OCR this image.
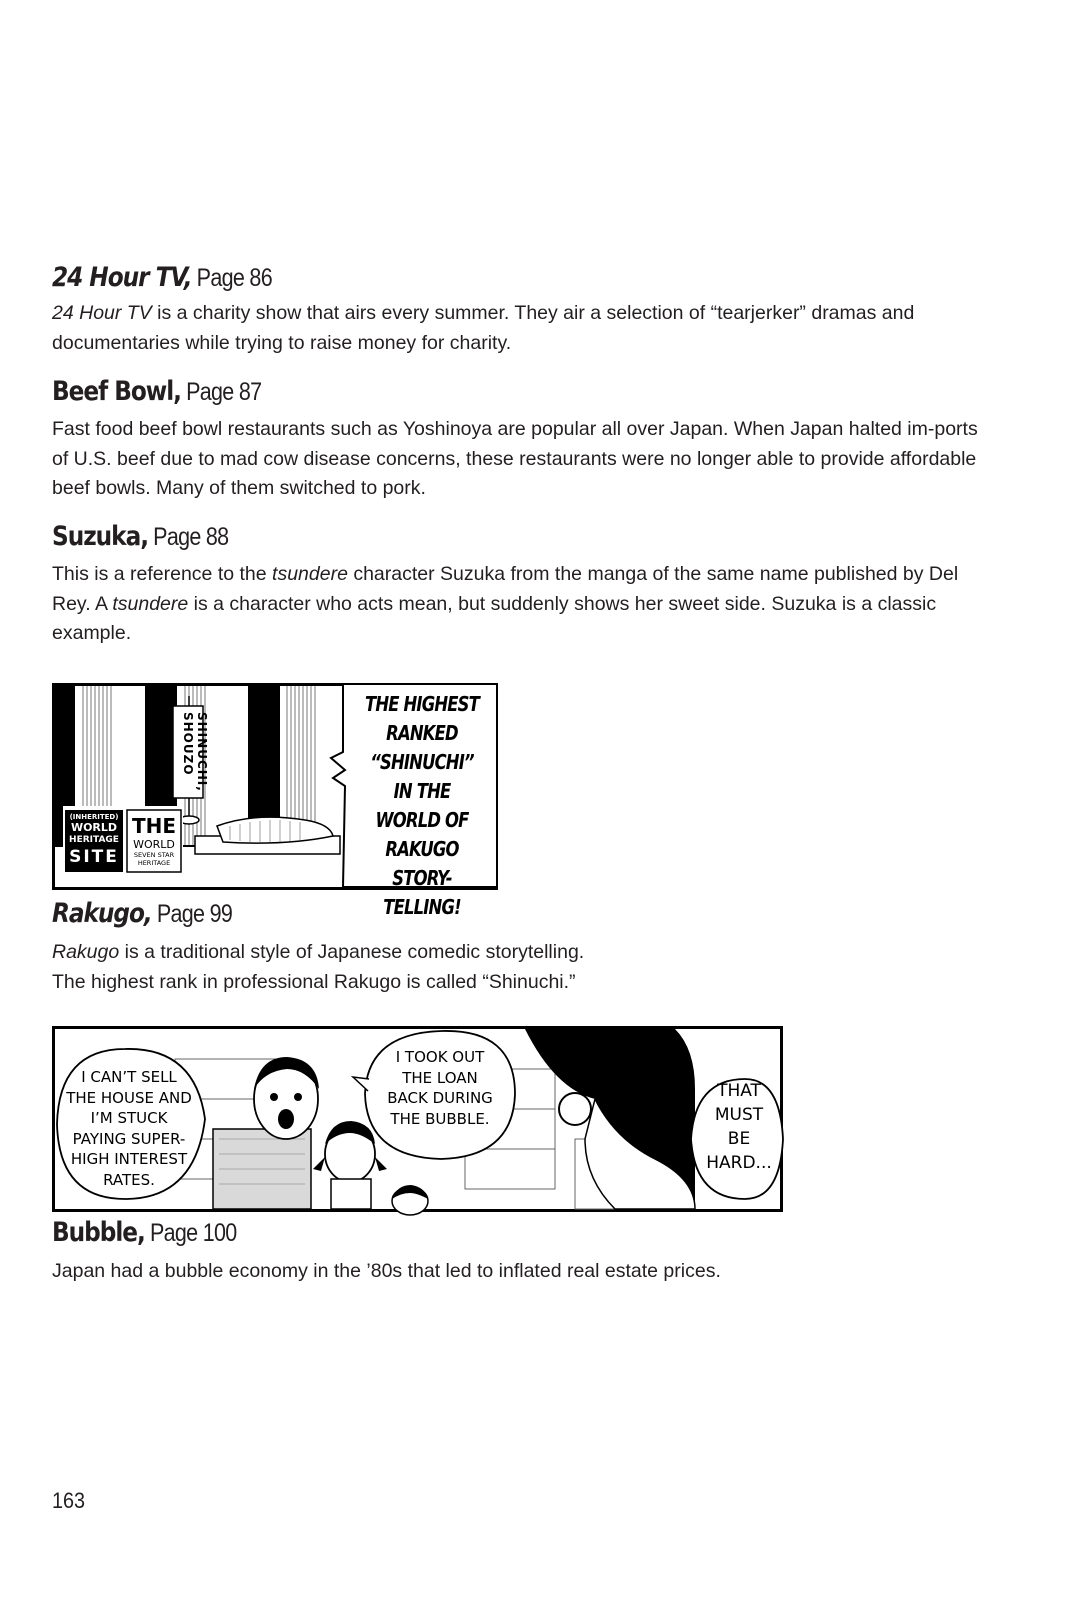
24 Hour TV, Page 86

24 Hour TV is a charity show that airs every summer. They air a selection of “tearjerker” dramas and documentaries while trying to raise money for charity.

Beef Bowl, Page 87

Fast food beef bowl restaurants such as Yoshinoya are popular all over Japan. When Japan halted im-ports of U.S. beef due to mad cow disease concerns, these restaurants were no longer able to provide affordable beef bowls. Many of them switched to pork.

Suzuka, Page 88

This is a reference to the tsundere character Suzuka from the manga of the same name published by Del Rey. A tsundere is a character who acts mean, but suddenly shows her sweet side. Suzuka is a classic example.

SHINUCHI,
SHOUZO
(INHERITED)
WORLD
HERITAGE
SITE
THE
WORLD
SEVEN STAR
HERITAGE
THE HIGHEST RANKED “SHINUCHI” IN THE WORLD OF RAKUGO STORY-TELLING!
Rakugo, Page 99

Rakugo is a traditional style of Japanese comedic storytelling.
The highest rank in professional Rakugo is called “Shinuchi.”

I CAN’T SELL THE HOUSE AND I’M STUCK PAYING SUPER-HIGH INTEREST RATES.
I TOOK OUT THE LOAN BACK DURING THE BUBBLE.
THAT MUST BE HARD...
Bubble, Page 100

Japan had a bubble economy in the ’80s that led to inflated real estate prices.

163
